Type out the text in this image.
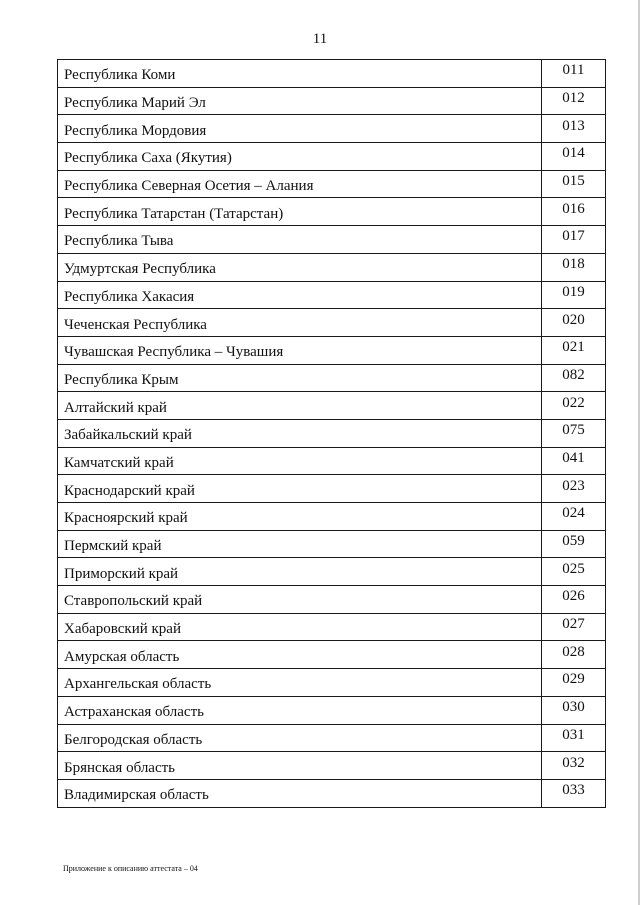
11
Республика Коми	011
Республика Марий Эл	012
Республика Мордовия	013
Республика Саха (Якутия)	014
Республика Северная Осетия – Алания	015
Республика Татарстан (Татарстан)	016
Республика Тыва	017
Удмуртская Республика	018
Республика Хакасия	019
Чеченская Республика	020
Чувашская Республика – Чувашия	021
Республика Крым	082
Алтайский край	022
Забайкальский край	075
Камчатский край	041
Краснодарский край	023
Красноярский край	024
Пермский край	059
Приморский край	025
Ставропольский край	026
Хабаровский край	027
Амурская область	028
Архангельская область	029
Астраханская область	030
Белгородская область	031
Брянская область	032
Владимирская область	033
Приложение к описанию аттестата – 04
